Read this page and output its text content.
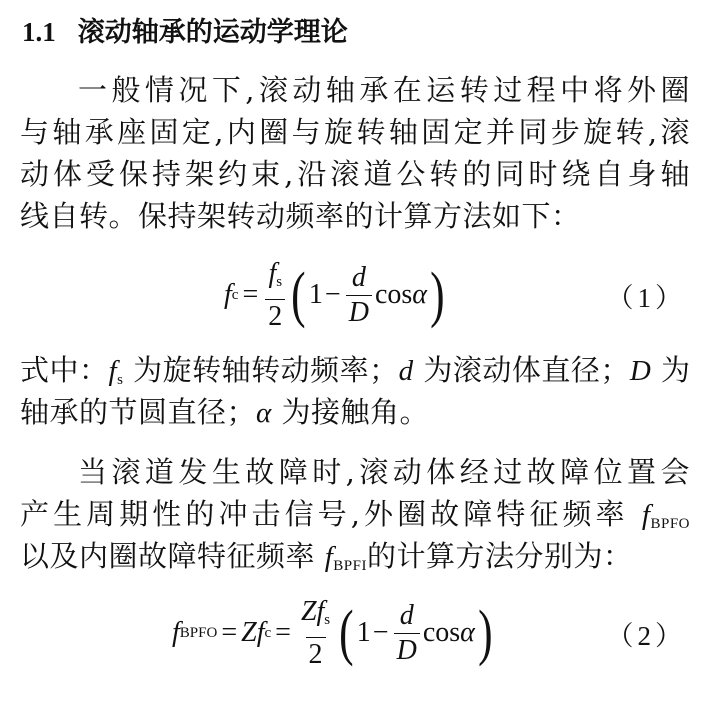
1.1 滚动轴承的运动学理论
一般情况下,滚动轴承在运转过程中将外圈
与轴承座固定,内圈与旋转轴固定并同步旋转,滚
动体受保持架约束,沿滚道公转的同时绕自身轴
线自转。保持架转动频率的计算方法如下：
f $c = \frac{f_s}{2}$ ( $1 - \frac{d}{D}$ cos α )	（1）
式中：$f_s$ 为旋转轴转动频率；d 为滚动体直径；D 为
轴承的节圆直径；α 为接触角。
当滚道发生故障时,滚动体经过故障位置会
产生周期性的冲击信号,外圈故障特征频率 $f_{BPFO}$
以及内圈故障特征频率 $f_{BPFI}$的计算方法分别为：
f BPFO = Z f $c = \frac{Zf_s}{2}$ ( $1 - \frac{d}{D}$ cos α )	（2）
